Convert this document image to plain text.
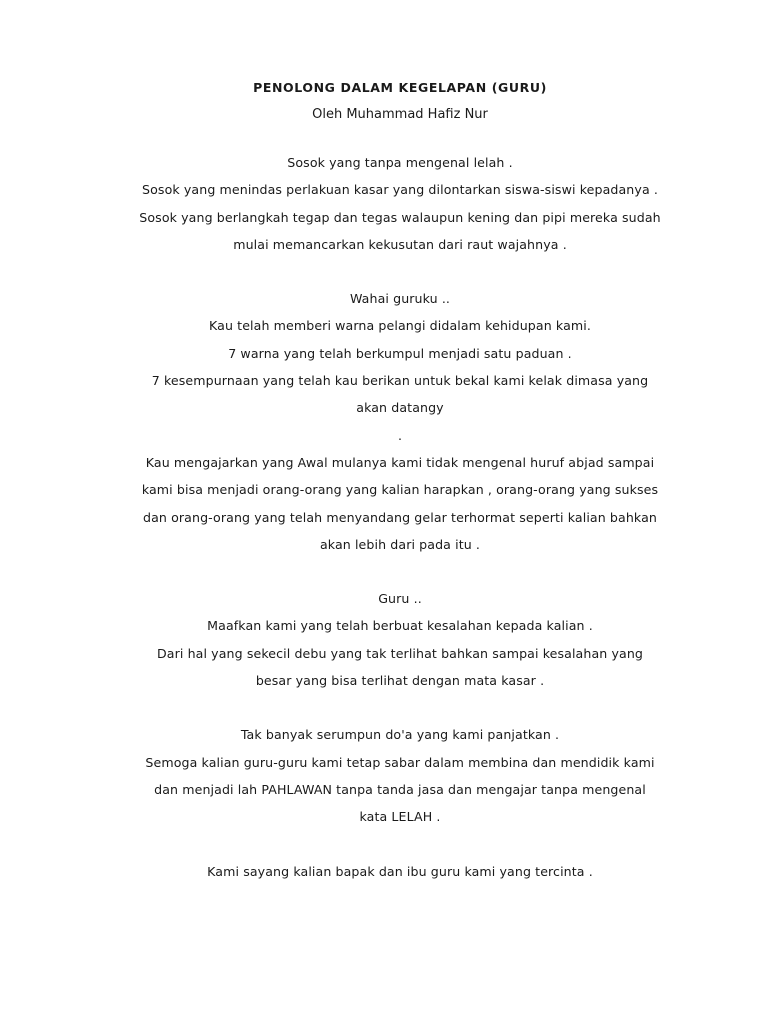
PENOLONG DALAM KEGELAPAN (GURU)
Oleh Muhammad Hafiz Nur
Sosok yang tanpa mengenal lelah .
Sosok yang menindas perlakuan kasar yang dilontarkan siswa-siswi kepadanya .
Sosok yang berlangkah tegap dan tegas walaupun kening dan pipi mereka sudah
mulai memancarkan kekusutan dari raut wajahnya .
Wahai guruku ..
Kau telah memberi warna pelangi didalam kehidupan kami.
7 warna yang telah berkumpul menjadi satu paduan .
7 kesempurnaan yang telah kau berikan untuk bekal kami kelak dimasa yang
akan datangy
.
Kau mengajarkan yang Awal mulanya kami tidak mengenal huruf abjad sampai
kami bisa menjadi orang-orang yang kalian harapkan , orang-orang yang sukses
dan orang-orang yang telah menyandang gelar terhormat seperti kalian bahkan
akan lebih dari pada itu .
Guru ..
Maafkan kami yang telah berbuat kesalahan kepada kalian .
Dari hal yang sekecil debu yang tak terlihat bahkan sampai kesalahan yang
besar yang bisa terlihat dengan mata kasar .
Tak banyak serumpun do'a yang kami panjatkan .
Semoga kalian guru-guru kami tetap sabar dalam membina dan mendidik kami
dan menjadi lah PAHLAWAN tanpa tanda jasa dan mengajar tanpa mengenal
kata LELAH .
Kami sayang kalian bapak dan ibu guru kami yang tercinta .
